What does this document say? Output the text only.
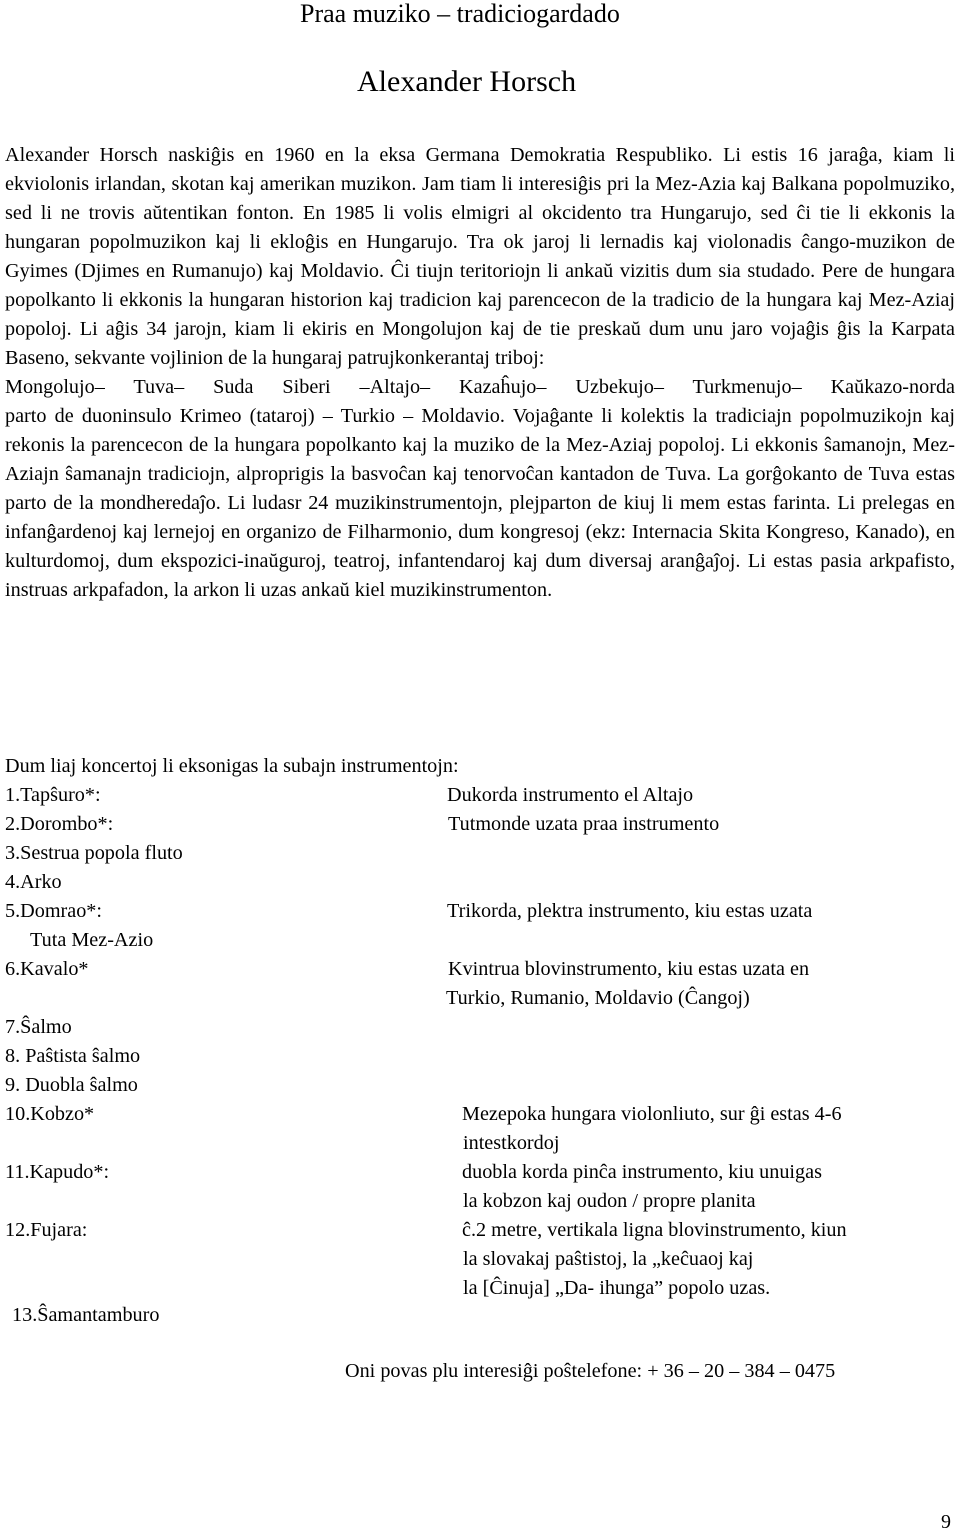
Praa muziko – tradiciogardado
Alexander Horsch

Alexander Horsch naskiĝis en 1960 en la eksa Germana Demokratia Respubliko. Li estis 16 jaraĝa, kiam li ekviolonis irlandan, skotan kaj amerikan muzikon. Jam tiam li interesiĝis pri la Mez-Azia kaj Balkana popolmuziko, sed li ne trovis aŭtentikan fonton. En 1985 li volis elmigri al okcidento tra Hungarujo, sed ĉi tie li ekkonis la hungaran popolmuzikon kaj li ekloĝis en Hungarujo. Tra ok jaroj li lernadis kaj violonadis ĉango-muzikon de Gyimes (Djimes en Rumanujo) kaj Moldavio. Ĉi tiujn teritoriojn li ankaŭ vizitis dum sia studado. Pere de hungara popolkanto li ekkonis la hungaran historion kaj tradicion kaj parencecon de la tradicio de la hungara kaj Mez-Aziaj popoloj. Li aĝis 34 jarojn, kiam li ekiris en Mongolujon kaj de tie preskaŭ dum unu jaro vojaĝis ĝis la Karpata Baseno, sekvante vojlinion de la hungaraj patrujkonkerantaj triboj:

Mongolujo– Tuva– Suda Siberi –Altajo– Kazaĥujo– Uzbekujo– Turkmenujo– Kaŭkazo-norda

parto de duoninsulo Krimeo (tataroj) – Turkio – Moldavio. Vojaĝante li kolektis la tradiciajn popolmuzikojn kaj rekonis la parencecon de la hungara popolkanto kaj la muziko de la Mez-Aziaj popoloj. Li ekkonis ŝamanojn, Mez-Aziajn ŝamanajn tradiciojn, alproprigis la basvoĉan kaj tenorvoĉan kantadon de Tuva. La gorĝokanto de Tuva estas parto de la mondheredaĵo. Li ludasr 24 muzikinstrumentojn, plejparton de kiuj li mem estas farinta. Li prelegas en infanĝardenoj kaj lernejoj en organizo de Filharmonio, dum kongresoj (ekz: Internacia Skita Kongreso, Kanado), en kulturdomoj, dum ekspozici-inaŭguroj, teatroj, infantendaroj kaj dum diversaj aranĝaĵoj. Li estas pasia arkpafisto, instruas arkpafadon, la arkon li uzas ankaŭ kiel muzikinstrumenton.

Dum liaj koncertoj li eksonigas la subajn instrumentojn:
1.Tapŝuro*:	Dukorda instrumento el Altajo
2.Dorombo*:	Tutmonde uzata praa instrumento
3.Sestrua popola fluto
4.Arko
5.Domrao*:	Trikorda, plektra instrumento, kiu estas uzata
Tuta Mez-Azio
6.Kavalo*	Kvintrua blovinstrumento, kiu estas uzata en
Turkio, Rumanio, Moldavio (Ĉangoj)
7.Ŝalmo
8. Paŝtista ŝalmo
9. Duobla ŝalmo
10.Kobzo*	Mezepoka hungara violonliuto, sur ĝi estas 4-6
intestkordoj
11.Kapudo*:	duobla korda pinĉa instrumento, kiu unuigas
la kobzon kaj oudon / propre planita
12.Fujara:	ĉ.2 metre, vertikala ligna blovinstrumento, kiun
la slovakaj paŝtistoj, la „keĉuaoj kaj
la [Ĉinuja] „Da- ihunga” popolo uzas.
13.Ŝamantamburo
Oni povas plu interesiĝi poŝtelefone: + 36 – 20 – 384 – 0475
9
